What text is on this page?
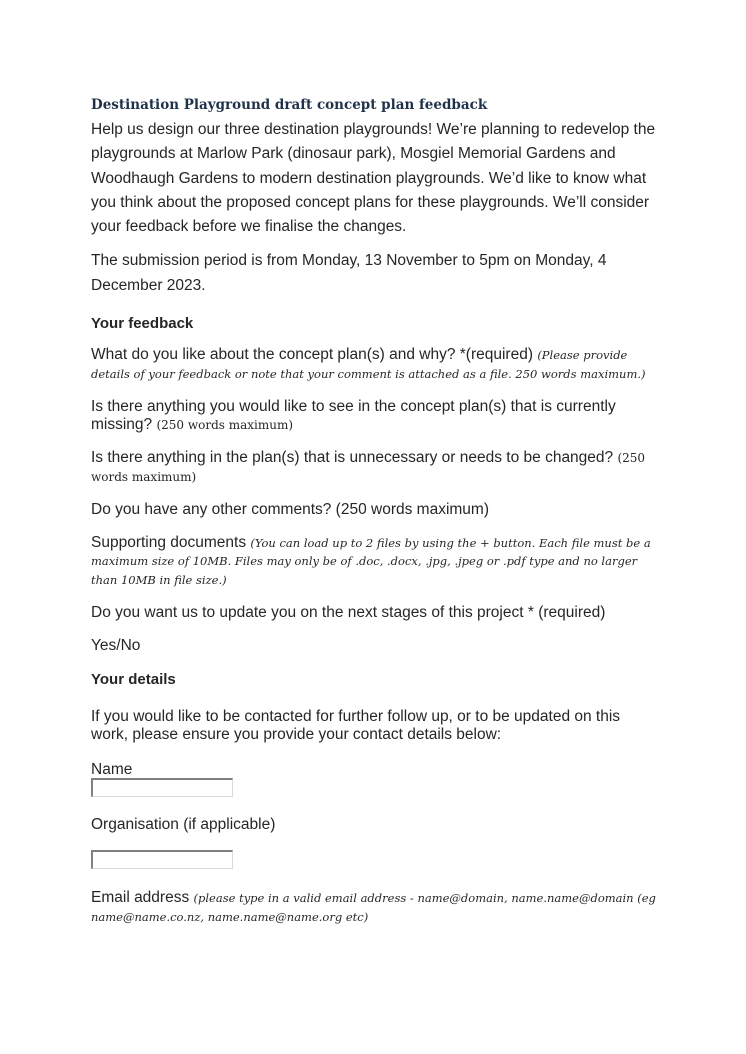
Destination Playground draft concept plan feedback

Help us design our three destination playgrounds! We’re planning to redevelop the playgrounds at Marlow Park (dinosaur park), Mosgiel Memorial Gardens and Woodhaugh Gardens to modern destination playgrounds. We’d like to know what you think about the proposed concept plans for these playgrounds. We’ll consider your feedback before we finalise the changes.

The submission period is from Monday, 13 November to 5pm on Monday, 4 December 2023.

Your feedback

What do you like about the concept plan(s) and why? *(required) (Please provide details of your feedback or note that your comment is attached as a file. 250 words maximum.)

Is there anything you would like to see in the concept plan(s) that is currently missing? (250 words maximum)

Is there anything in the plan(s) that is unnecessary or needs to be changed? (250 words maximum)

Do you have any other comments? (250 words maximum)

Supporting documents (You can load up to 2 files by using the + button. Each file must be a maximum size of 10MB. Files may only be of .doc, .docx, .jpg, .jpeg or .pdf type and no larger than 10MB in file size.)

Do you want us to update you on the next stages of this project * (required)

Yes/No

Your details

If you would like to be contacted for further follow up, or to be updated on this work, please ensure you provide your contact details below:

Name
Organisation (if applicable)

Email address (please type in a valid email address - name@domain, name.name@domain (eg name@name.co.nz, name.name@name.org etc)
